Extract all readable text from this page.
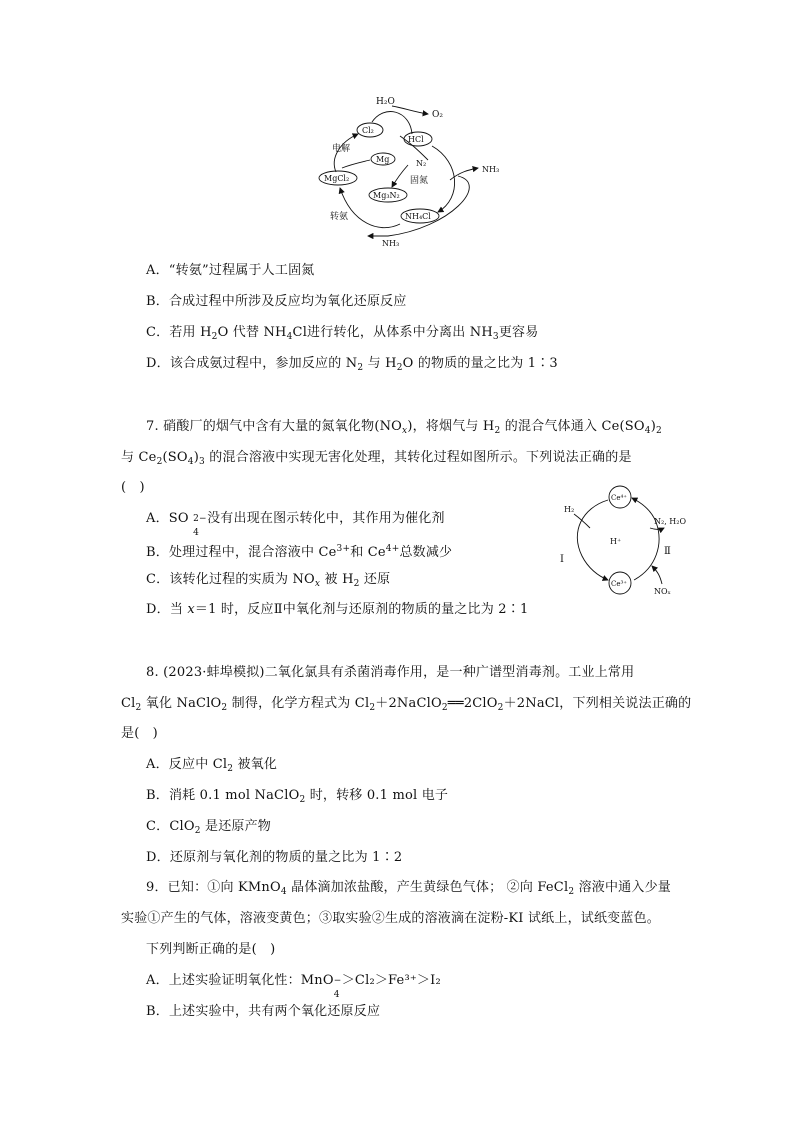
H₂O
O₂
Cl₂
HCl
电解
Mg	N₂
固氮
MgCl₂
Mg₃N₂
NH₃
NH₄Cl
转氨
NH₃
A．“转氨”过程属于人工固氮
B．合成过程中所涉及反应均为氧化还原反应
C．若用 $H_2O$ 代替 $NH_4Cl$进行转化，从体系中分离出 $NH_3$更容易
D．该合成氨过程中，参加反应的 $N_2$ 与 $H_2O$ 的物质的量之比为 1∶3
7. 硝酸厂的烟气中含有大量的氮氧化物$(NO_x)$，将烟气与 $H_2$ 的混合气体通入 $Ce(SO_4)_2$
与 $Ce_2(SO_4)_3$ 的混合溶液中实现无害化处理，其转化过程如图所示。下列说法正确的是
(　)
A．SO 2−
4
没有出现在图示转化中，其作用为催化剂
B．处理过程中，混合溶液中 $Ce^{3+}$和 $Ce^{4+}$总数减少
C．该转化过程的实质为 $NO_x$ 被 $H_2$ 还原
D．当 x＝1 时，反应Ⅱ中氧化剂与还原剂的物质的量之比为 2∶1
Ce⁴⁺
Ce³⁺
H₂
N₂, H₂O
H⁺
Ⅰ
Ⅱ
NOₓ
8. (2023·蚌埠模拟)二氧化氯具有杀菌消毒作用，是一种广谱型消毒剂。工业上常用
$Cl_2$ 氧化 NaClO$_2$ 制得，化学方程式为 $Cl_2+2NaClO_2══2ClO_2+2NaCl$，下列相关说法正确的
是(　)
A．反应中 $Cl_2$ 被氧化
B．消耗 0.1 mol NaClO$_2$ 时，转移 0.1 mol 电子
C．ClO$_2$ 是还原产物
D．还原剂与氧化剂的物质的量之比为 1∶2
9．已知：①向 KMnO$_4$ 晶体滴加浓盐酸，产生黄绿色气体； ②向 FeCl$_2$ 溶液中通入少量
实验①产生的气体，溶液变黄色；③取实验②生成的溶液滴在淀粉-KI 试纸上，试纸变蓝色。
下列判断正确的是(　)
A．上述实验证明氧化性：MnO −
4
＞Cl₂＞Fe³⁺＞I₂
B．上述实验中，共有两个氧化还原反应
